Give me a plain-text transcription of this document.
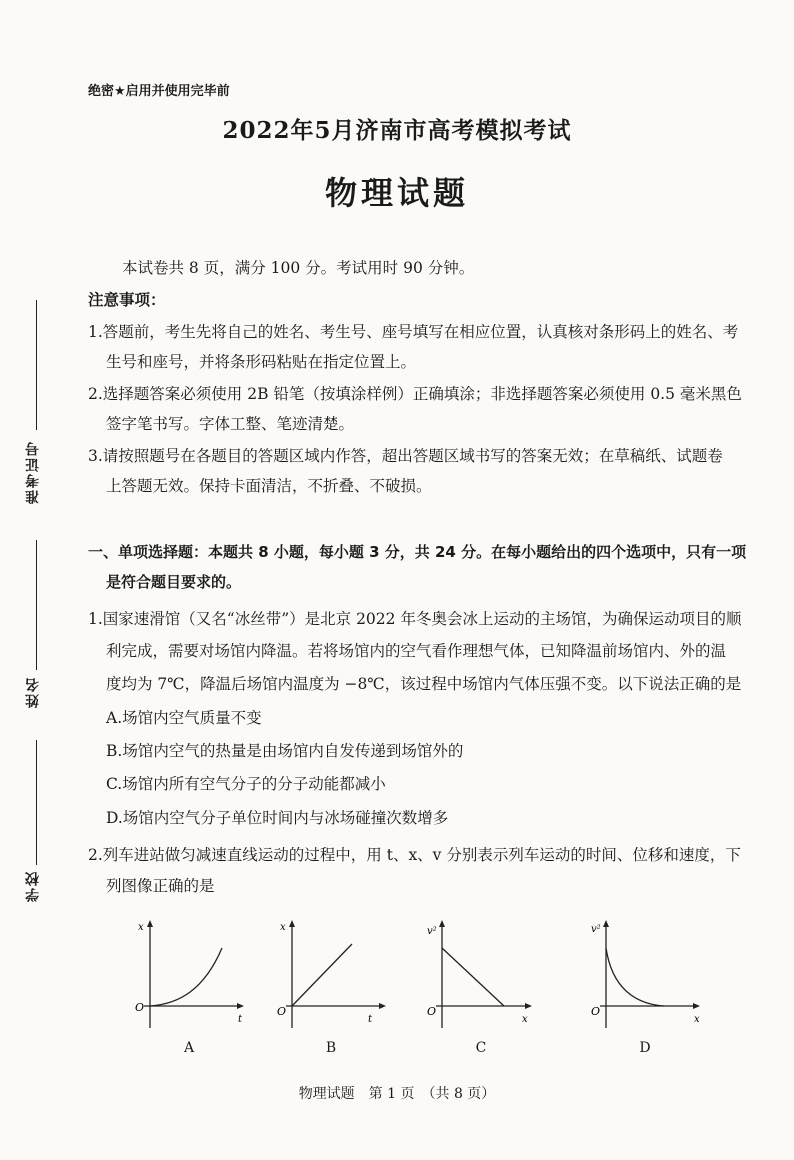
绝密★启用并使用完毕前

2022年5月济南市高考模拟考试
物理试题
准考证号
姓名
学校

本试卷共 8 页，满分 100 分。考试用时 90 分钟。

注意事项：

1.答题前，考生先将自己的姓名、考生号、座号填写在相应位置，认真核对条形码上的姓名、考

生号和座号，并将条形码粘贴在指定位置上。

2.选择题答案必须使用 2B 铅笔（按填涂样例）正确填涂；非选择题答案必须使用 0.5 毫米黑色

签字笔书写。字体工整、笔迹清楚。

3.请按照题号在各题目的答题区域内作答，超出答题区域书写的答案无效；在草稿纸、试题卷

上答题无效。保持卡面清洁，不折叠、不破损。

一、单项选择题：本题共 8 小题，每小题 3 分，共 24 分。在每小题给出的四个选项中，只有一项

是符合题目要求的。

1.国家速滑馆（又名“冰丝带”）是北京 2022 年冬奥会冰上运动的主场馆，为确保运动项目的顺

利完成，需要对场馆内降温。若将场馆内的空气看作理想气体，已知降温前场馆内、外的温

度均为 7℃，降温后场馆内温度为 −8℃，该过程中场馆内气体压强不变。以下说法正确的是

A.场馆内空气质量不变

B.场馆内空气的热量是由场馆内自发传递到场馆外的

C.场馆内所有空气分子的分子动能都减小

D.场馆内空气分子单位时间内与冰场碰撞次数增多

2.列车进站做匀减速直线运动的过程中，用 t、x、v 分别表示列车运动的时间、位移和速度，下

列图像正确的是

x
t
O
A
x
t
O
B
v²
x
O
C
v²
x
O
D

物理试题　第 1 页　（共 8 页）
